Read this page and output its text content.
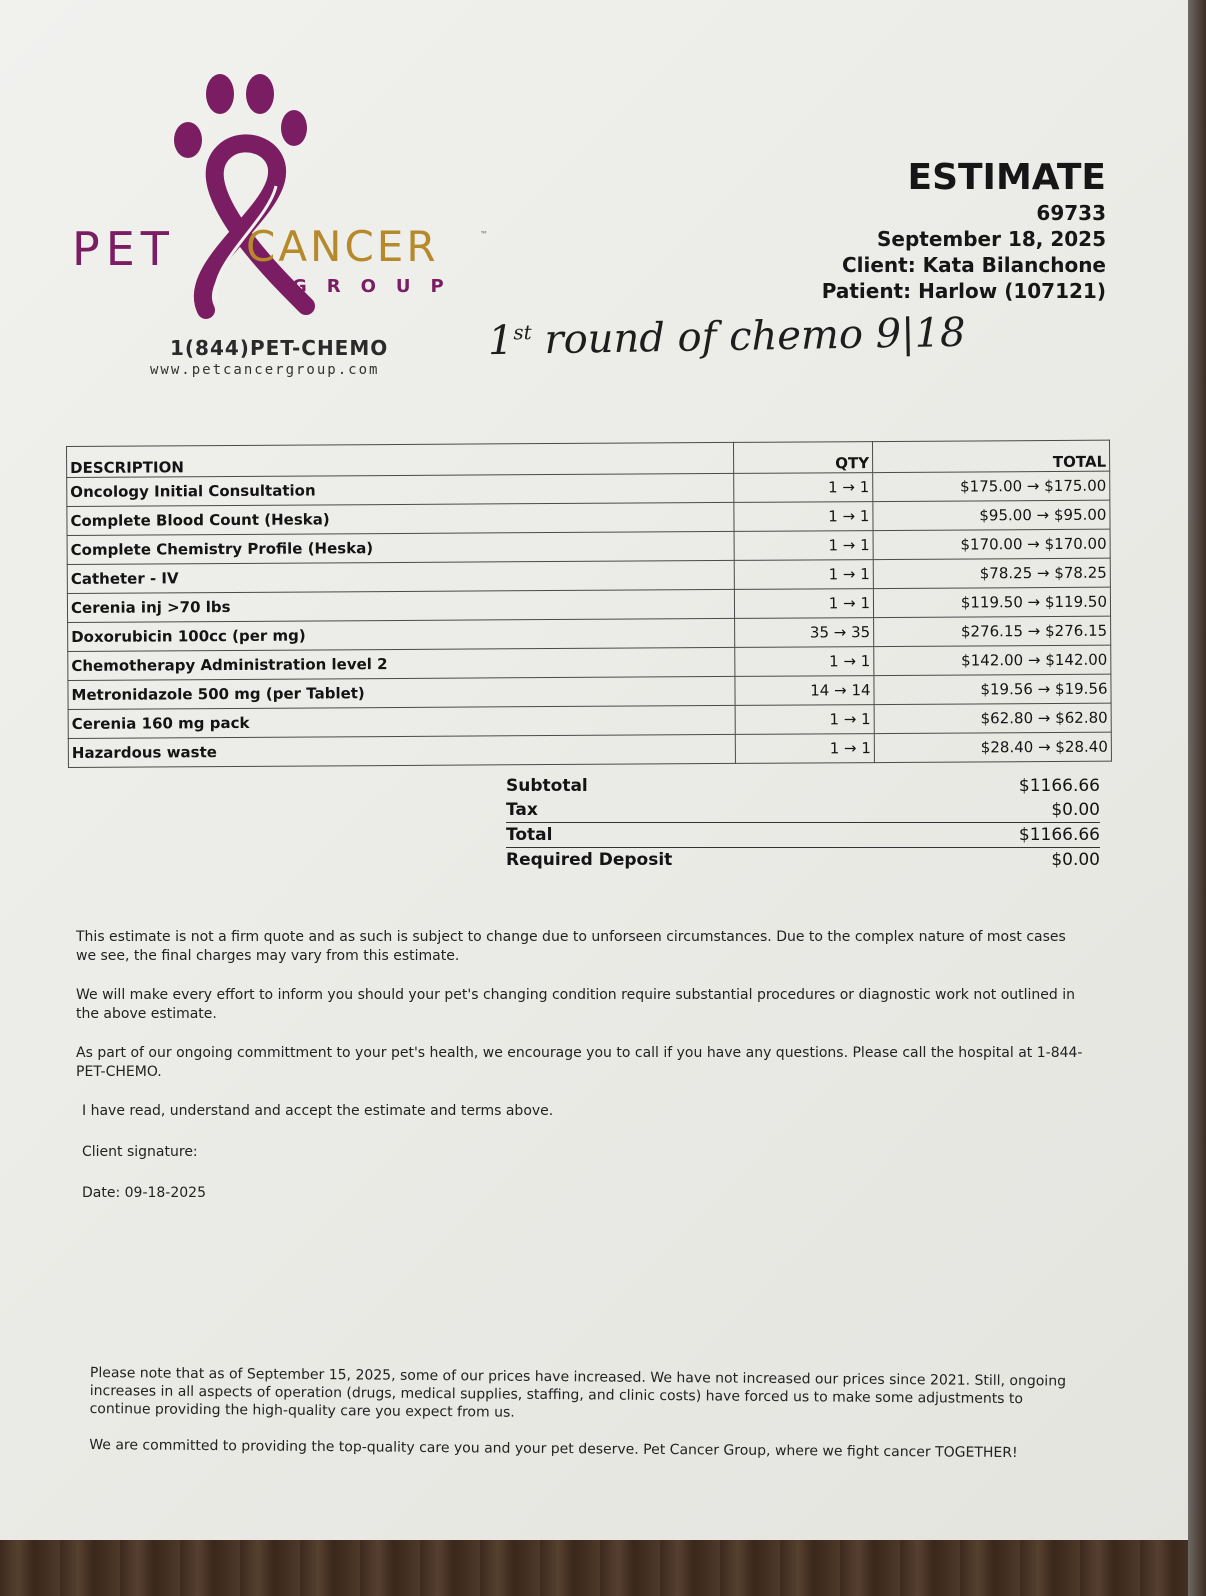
PET CANCER	™
GROUP
1(844)PET-CHEMO
www.petcancergroup.com
ESTIMATE
69733
September 18, 2025
Client: Kata Bilanchone
Patient: Harlow (107121)
1st round of chemo 9|18
DESCRIPTION	QTY	TOTAL
Oncology Initial Consultation	1 → 1	$175.00 → $175.00
Complete Blood Count (Heska)	1 → 1	$95.00 → $95.00
Complete Chemistry Profile (Heska)	1 → 1	$170.00 → $170.00
Catheter - IV	1 → 1	$78.25 → $78.25
Cerenia inj >70 lbs	1 → 1	$119.50 → $119.50
Doxorubicin 100cc (per mg)	35 → 35	$276.15 → $276.15
Chemotherapy Administration level 2	1 → 1	$142.00 → $142.00
Metronidazole 500 mg (per Tablet)	14 → 14	$19.56 → $19.56
Cerenia 160 mg pack	1 → 1	$62.80 → $62.80
Hazardous waste	1 → 1	$28.40 → $28.40
Subtotal	$1166.66
Tax	$0.00
Total	$1166.66
Required Deposit	$0.00

This estimate is not a firm quote and as such is subject to change due to unforseen circumstances. Due to the complex nature of most cases we see, the final charges may vary from this estimate.

We will make every effort to inform you should your pet's changing condition require substantial procedures or diagnostic work not outlined in the above estimate.

As part of our ongoing committment to your pet's health, we encourage you to call if you have any questions. Please call the hospital at 1-844-PET-CHEMO.

I have read, understand and accept the estimate and terms above.

Client signature:

Date: 09-18-2025

Please note that as of September 15, 2025, some of our prices have increased. We have not increased our prices since 2021. Still, ongoing increases in all aspects of operation (drugs, medical supplies, staffing, and clinic costs) have forced us to make some adjustments to continue providing the high-quality care you expect from us.

We are committed to providing the top-quality care you and your pet deserve. Pet Cancer Group, where we fight cancer TOGETHER!
